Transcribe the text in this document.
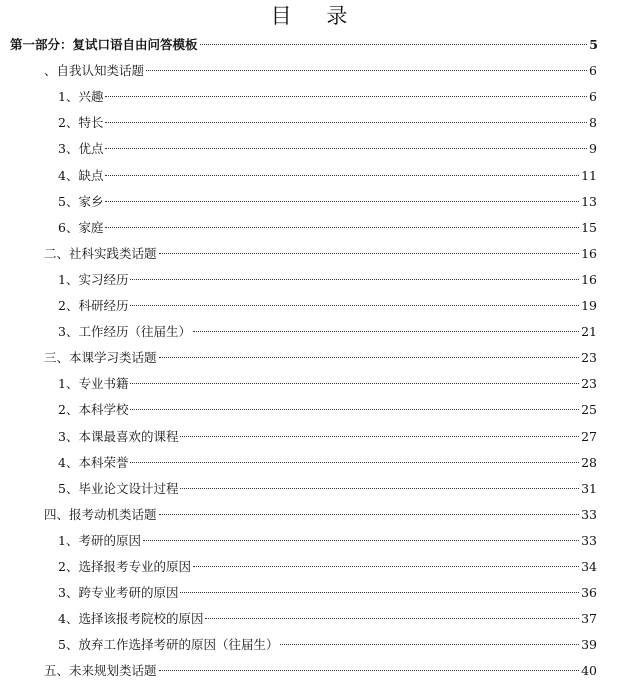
目 录
第一部分：复试口语自由问答模板	5
、自我认知类话题	6
1、兴趣	6
2、特长	8
3、优点	9
4、缺点	11
5、家乡	13
6、家庭	15
二、社科实践类话题	16
1、实习经历	16
2、科研经历	19
3、工作经历（往届生）	21
三、本课学习类话题	23
1、专业书籍	23
2、本科学校	25
3、本课最喜欢的课程	27
4、本科荣誉	28
5、毕业论文设计过程	31
四、报考动机类话题	33
1、考研的原因	33
2、选择报考专业的原因	34
3、跨专业考研的原因	36
4、选择该报考院校的原因	37
5、放弃工作选择考研的原因（往届生）	39
五、未来规划类话题	40
